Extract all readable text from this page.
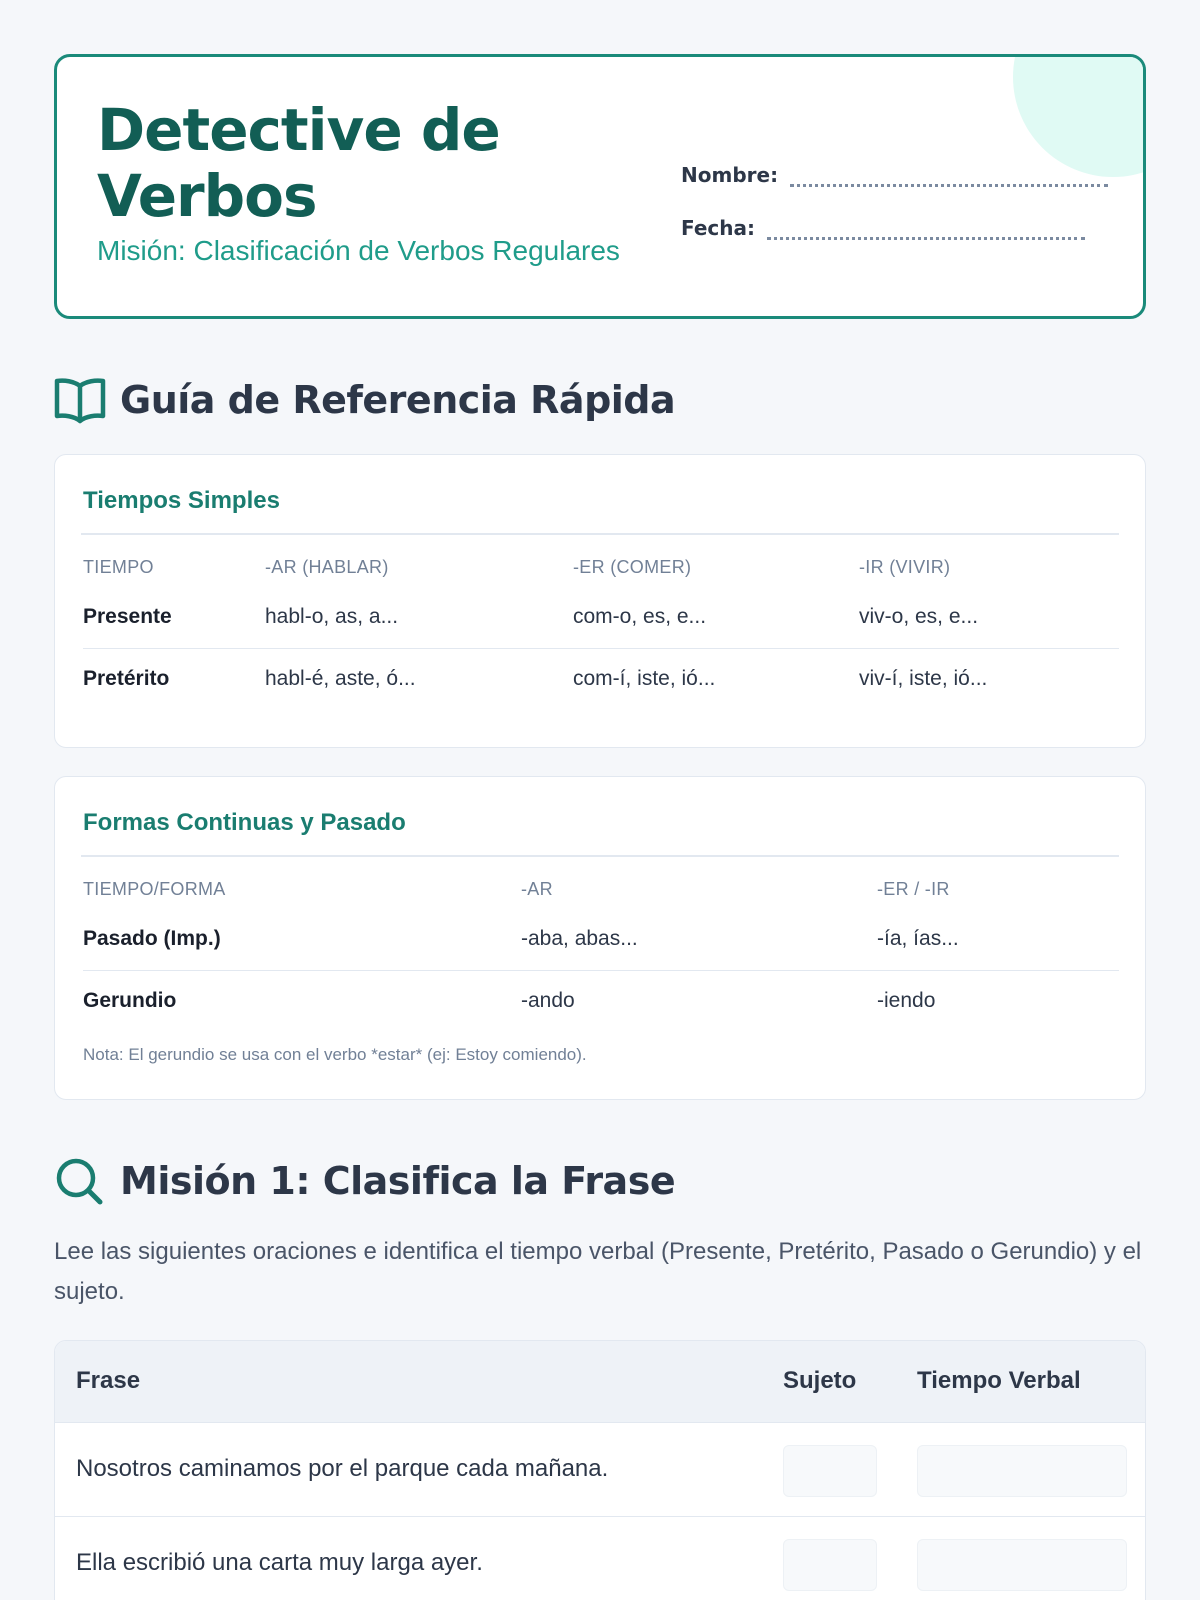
Detective de Verbos
Misión: Clasificación de Verbos Regulares
Nombre:
Fecha:
Guía de Referencia Rápida
Tiempos Simples
TIEMPO	-AR (HABLAR)	-ER (COMER)	-IR (VIVIR)
Presente	habl-o, as, a...	com-o, es, e...	viv-o, es, e...
Pretérito	habl-é, aste, ó...	com-í, iste, ió...	viv-í, iste, ió...
Formas Continuas y Pasado
TIEMPO/FORMA	-AR	-ER / -IR
Pasado (Imp.)	-aba, abas...	-ía, ías...
Gerundio	-ando	-iendo
Nota: El gerundio se usa con el verbo *estar* (ej: Estoy comiendo).
Misión 1: Clasifica la Frase
Lee las siguientes oraciones e identifica el tiempo verbal (Presente, Pretérito, Pasado o Gerundio) y el sujeto.
Frase	Sujeto	Tiempo Verbal
Nosotros caminamos por el parque cada mañana.
Ella escribió una carta muy larga ayer.
